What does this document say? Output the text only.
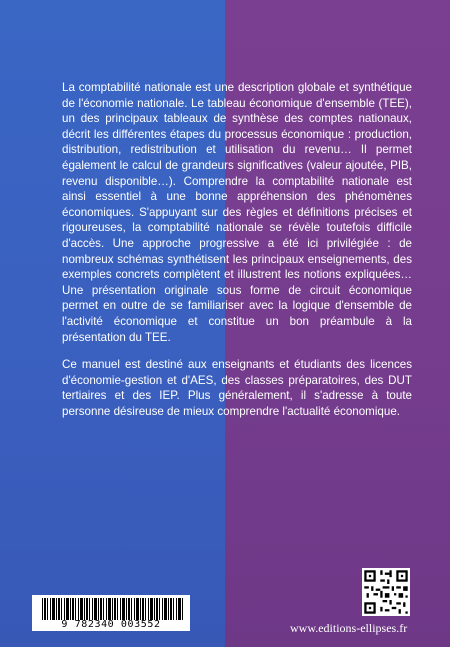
La comptabilité nationale est une description globale et synthétique de l'économie nationale. Le tableau économique d'ensemble (TEE), un des principaux tableaux de synthèse des comptes nationaux, décrit les différentes étapes du processus économique : production, distribution, redistribution et utilisation du revenu… Il permet également le calcul de grandeurs significatives (valeur ajoutée, PIB, revenu disponible…). Comprendre la comptabilité nationale est ainsi essentiel à une bonne appréhension des phénomènes économiques. S'appuyant sur des règles et définitions précises et rigoureuses, la comptabilité nationale se révèle toutefois difficile d'accès. Une approche progressive a été ici privilégiée : de nombreux schémas synthétisent les principaux enseignements, des exemples concrets complètent et illustrent les notions expliquées… Une présentation originale sous forme de circuit économique permet en outre de se familiariser avec la logique d'ensemble de l'activité économique et constitue un bon préambule à la présentation du TEE.

Ce manuel est destiné aux enseignants et étudiants des licences d'économie-gestion et d'AES, des classes préparatoires, des DUT tertiaires et des IEP. Plus généralement, il s'adresse à toute personne désireuse de mieux comprendre l'actualité économique.

9 782340 003552	www.editions-ellipses.fr
